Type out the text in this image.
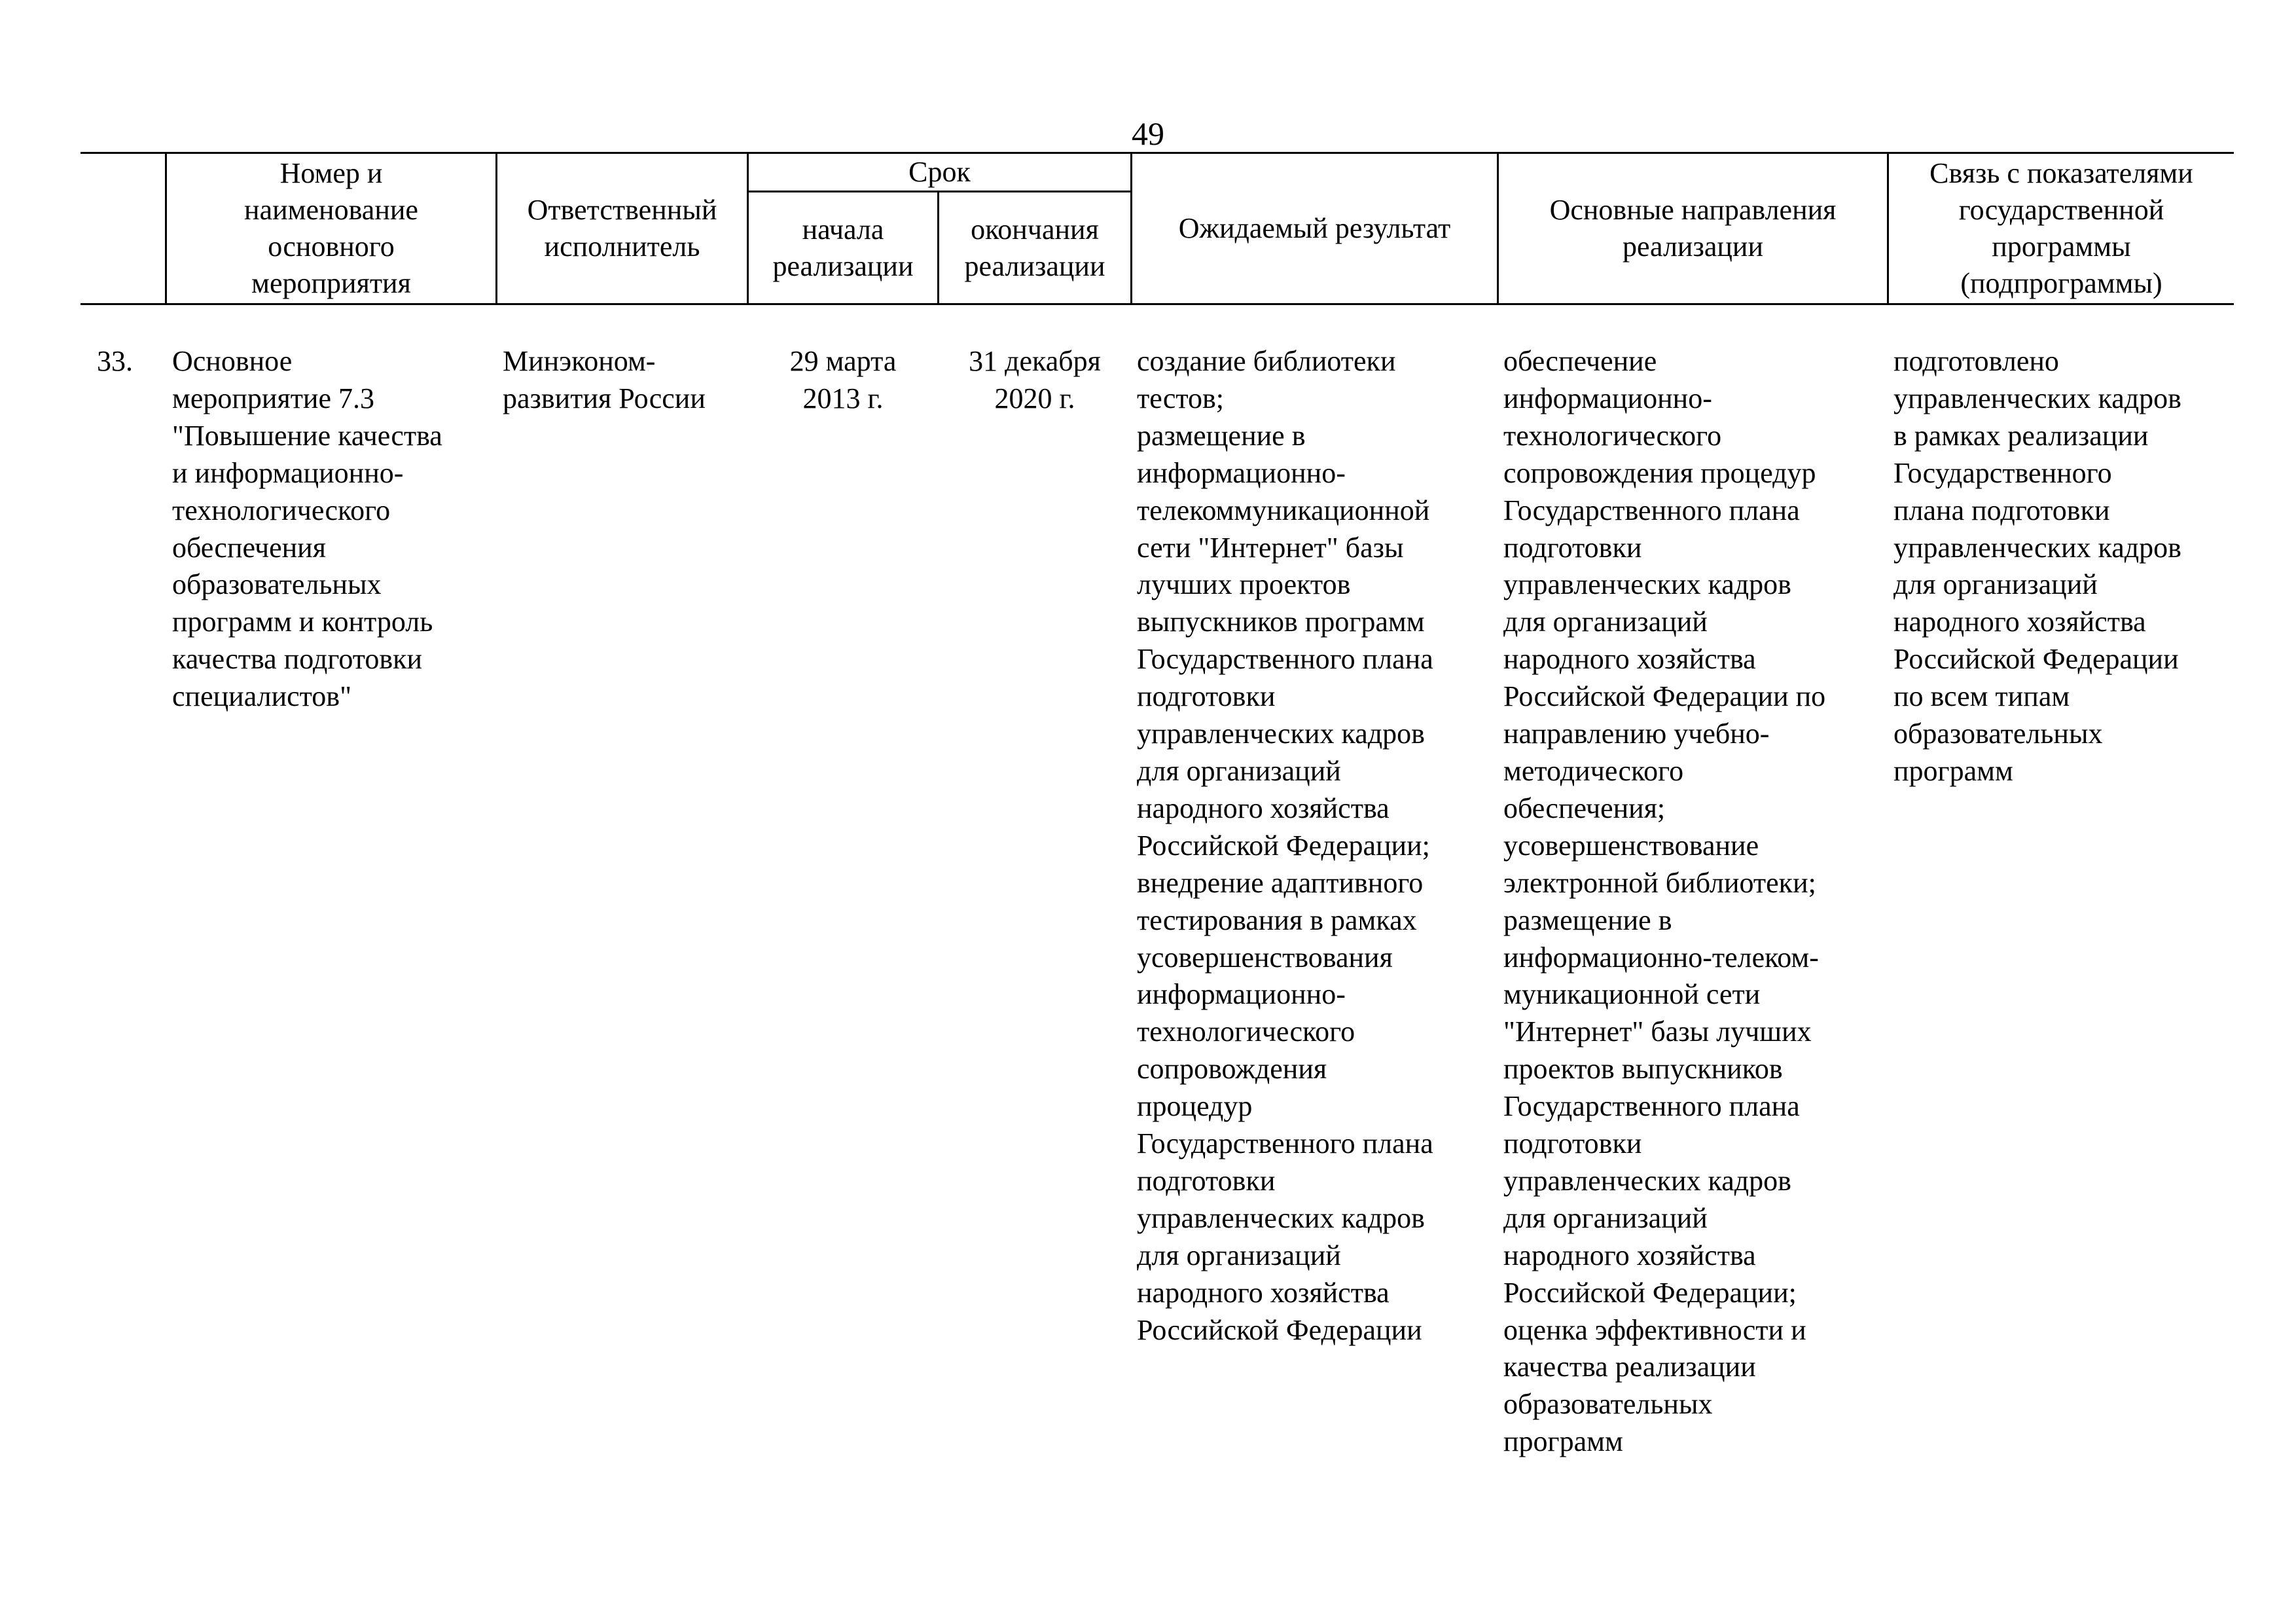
49
Номер и
наименование
основного
мероприятия
Ответственный
исполнитель
Срок
начала
реализации
окончания
реализации
Ожидаемый результат
Основные направления
реализации
Связь с показателями
государственной
программы
(подпрограммы)
33.	Основное
мероприятие 7.3
"Повышение качества
и информационно-
технологического
обеспечения
образовательных
программ и контроль
качества подготовки
специалистов"
Минэконом-
развития России
29 марта
2013 г.
31 декабря
2020 г.
создание библиотеки
тестов;
размещение в
информационно-
телекоммуникационной
сети "Интернет" базы
лучших проектов
выпускников программ
Государственного плана
подготовки
управленческих кадров
для организаций
народного хозяйства
Российской Федерации;
внедрение адаптивного
тестирования в рамках
усовершенствования
информационно-
технологического
сопровождения
процедур
Государственного плана
подготовки
управленческих кадров
для организаций
народного хозяйства
Российской Федерации
обеспечение
информационно-
технологического
сопровождения процедур
Государственного плана
подготовки
управленческих кадров
для организаций
народного хозяйства
Российской Федерации по
направлению учебно-
методического
обеспечения;
усовершенствование
электронной библиотеки;
размещение в
информационно-телеком-
муникационной сети
"Интернет" базы лучших
проектов выпускников
Государственного плана
подготовки
управленческих кадров
для организаций
народного хозяйства
Российской Федерации;
оценка эффективности и
качества реализации
образовательных
программ
подготовлено
управленческих кадров
в рамках реализации
Государственного
плана подготовки
управленческих кадров
для организаций
народного хозяйства
Российской Федерации
по всем типам
образовательных
программ
